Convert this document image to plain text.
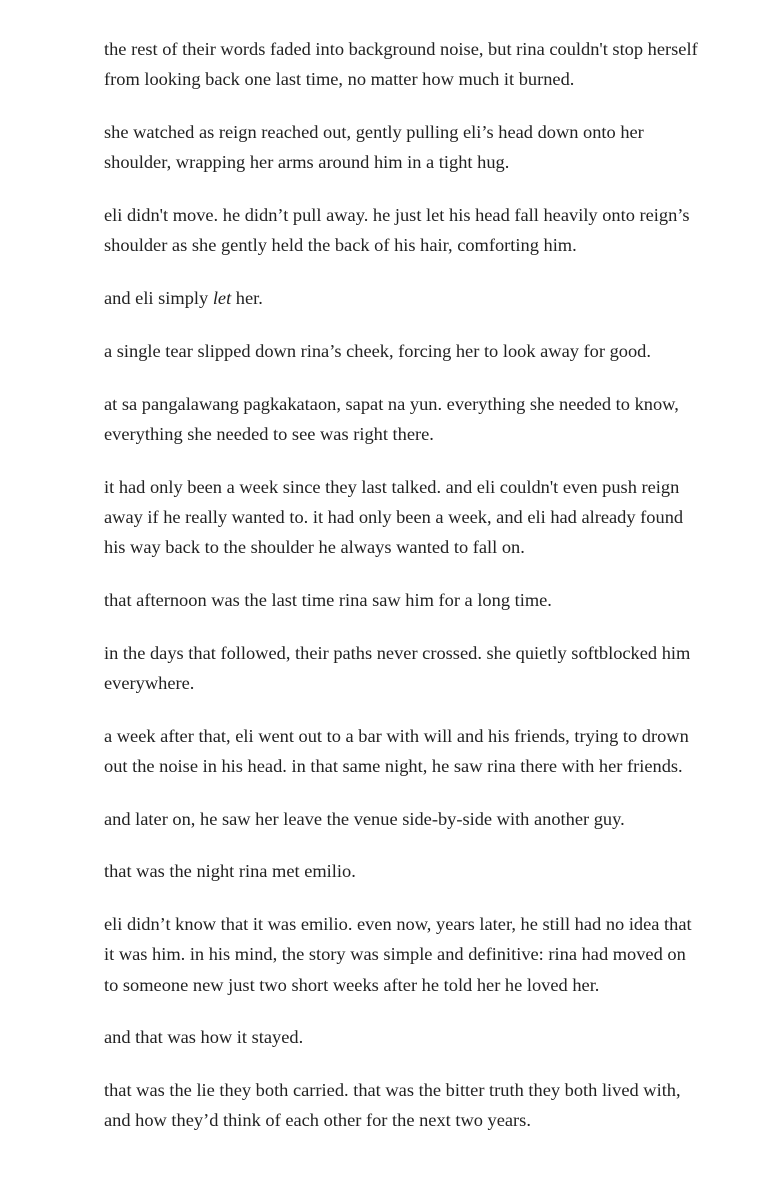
the rest of their words faded into background noise, but rina couldn't stop herself from looking back one last time, no matter how much it burned.

she watched as reign reached out, gently pulling eli’s head down onto her shoulder, wrapping her arms around him in a tight hug.

eli didn't move. he didn’t pull away. he just let his head fall heavily onto reign’s shoulder as she gently held the back of his hair, comforting him.

and eli simply let her.

a single tear slipped down rina’s cheek, forcing her to look away for good.

at sa pangalawang pagkakataon, sapat na yun. everything she needed to know, everything she needed to see was right there.

it had only been a week since they last talked. and eli couldn't even push reign away if he really wanted to. it had only been a week, and eli had already found his way back to the shoulder he always wanted to fall on.

that afternoon was the last time rina saw him for a long time.

in the days that followed, their paths never crossed. she quietly softblocked him everywhere.

a week after that, eli went out to a bar with will and his friends, trying to drown out the noise in his head. in that same night, he saw rina there with her friends.

and later on, he saw her leave the venue side-by-side with another guy.

that was the night rina met emilio.

eli didn’t know that it was emilio. even now, years later, he still had no idea that it was him. in his mind, the story was simple and definitive: rina had moved on to someone new just two short weeks after he told her he loved her.

and that was how it stayed.

that was the lie they both carried. that was the bitter truth they both lived with, and how they’d think of each other for the next two years.
